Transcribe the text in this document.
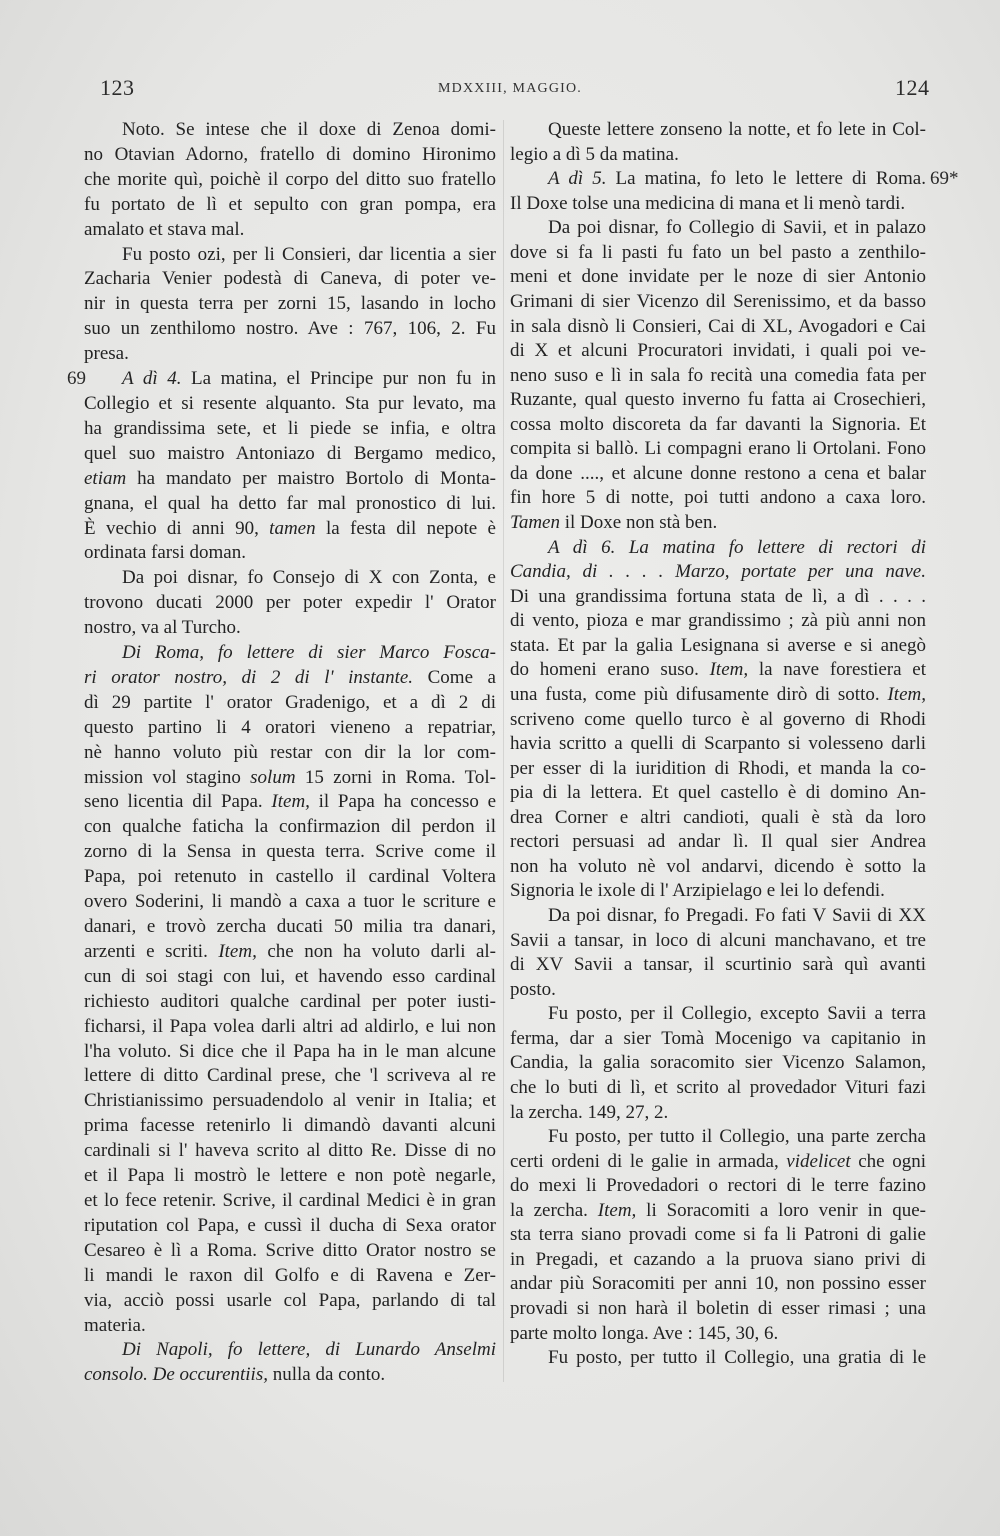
123	MDXXIII, MAGGIO.	124
Noto. Se intese che il doxe di Zenoa domi-
no Otavian Adorno, fratello di domino Hironimo
che morite quì, poichè il corpo del ditto suo fratello
fu portato de lì et sepulto con gran pompa, era
amalato et stava mal.
Fu posto ozi, per li Consieri, dar licentia a sier
Zacharia Venier podestà di Caneva, di poter ve-
nir in questa terra per zorni 15, lasando in locho
suo un zenthilomo nostro. Ave : 767, 106, 2. Fu
presa.
A dì 4. La matina, el Principe pur non fu in
69
Collegio et si resente alquanto. Sta pur levato, ma
ha grandissima sete, et li piede se infia, e oltra
quel suo maistro Antoniazo di Bergamo medico,
etiam ha mandato per maistro Bortolo di Monta-
gnana, el qual ha detto far mal pronostico di lui.
È vechio di anni 90, tamen la festa dil nepote è
ordinata farsi doman.
Da poi disnar, fo Consejo di X con Zonta, e
trovono ducati 2000 per poter expedir l' Orator
nostro, va al Turcho.
Di Roma, fo lettere di sier Marco Fosca-
ri orator nostro, di 2 di l' instante. Come a
dì 29 partite l' orator Gradenigo, et a dì 2 di
questo partino li 4 oratori vieneno a repatriar,
nè hanno voluto più restar con dir la lor com-
mission vol stagino solum 15 zorni in Roma. Tol-
seno licentia dil Papa. Item, il Papa ha concesso e
con qualche faticha la confirmazion dil perdon il
zorno di la Sensa in questa terra. Scrive come il
Papa, poi retenuto in castello il cardinal Voltera
overo Soderini, li mandò a caxa a tuor le scriture e
danari, e trovò zercha ducati 50 milia tra danari,
arzenti e scriti. Item, che non ha voluto darli al-
cun di soi stagi con lui, et havendo esso cardinal
richiesto auditori qualche cardinal per poter iusti-
ficharsi, il Papa volea darli altri ad aldirlo, e lui non
l'ha voluto. Si dice che il Papa ha in le man alcune
lettere di ditto Cardinal prese, che 'l scriveva al re
Christianissimo persuadendolo al venir in Italia; et
prima facesse retenirlo li dimandò davanti alcuni
cardinali si l' haveva scrito al ditto Re. Disse di no
et il Papa li mostrò le lettere e non potè negarle,
et lo fece retenir. Scrive, il cardinal Medici è in gran
riputation col Papa, e cussì il ducha di Sexa orator
Cesareo è lì a Roma. Scrive ditto Orator nostro se
li mandi le raxon dil Golfo e di Ravena e Zer-
via, acciò possi usarle col Papa, parlando di tal
materia.
Di Napoli, fo lettere, di Lunardo Anselmi
consolo. De occurentiis, nulla da conto.
Queste lettere zonseno la notte, et fo lete in Col-
legio a dì 5 da matina.
A dì 5. La matina, fo leto le lettere di Roma. 69*
Il Doxe tolse una medicina di mana et li menò tardi.
Da poi disnar, fo Collegio di Savii, et in palazo
dove si fa li pasti fu fato un bel pasto a zenthilo-
meni et done invidate per le noze di sier Antonio
Grimani di sier Vicenzo dil Serenissimo, et da basso
in sala disnò li Consieri, Cai di XL, Avogadori e Cai
di X et alcuni Procuratori invidati, i quali poi ve-
neno suso e lì in sala fo recità una comedia fata per
Ruzante, qual questo inverno fu fatta ai Crosechieri,
cossa molto discoreta da far davanti la Signoria. Et
compita si ballò. Li compagni erano li Ortolani. Fono
da done ...., et alcune donne restono a cena et balar
fin hore 5 di notte, poi tutti andono a caxa loro.
Tamen il Doxe non stà ben.
A dì 6. La matina fo lettere di rectori di
Candia, di . . . . Marzo, portate per una nave.
Di una grandissima fortuna stata de lì, a dì . . . .
di vento, pioza e mar grandissimo ; zà più anni non
stata. Et par la galia Lesignana si averse e si anegò
do homeni erano suso. Item, la nave forestiera et
una fusta, come più difusamente dirò di sotto. Item,
scriveno come quello turco è al governo di Rhodi
havia scritto a quelli di Scarpanto si volesseno darli
per esser di la iuridition di Rhodi, et manda la co-
pia di la lettera. Et quel castello è di domino An-
drea Corner e altri candioti, quali è stà da loro
rectori persuasi ad andar lì. Il qual sier Andrea
non ha voluto nè vol andarvi, dicendo è sotto la
Signoria le ixole di l' Arzipielago e lei lo defendi.
Da poi disnar, fo Pregadi. Fo fati V Savii di XX
Savii a tansar, in loco di alcuni manchavano, et tre
di XV Savii a tansar, il scurtinio sarà quì avanti
posto.
Fu posto, per il Collegio, excepto Savii a terra
ferma, dar a sier Tomà Mocenigo va capitanio in
Candia, la galia soracomito sier Vicenzo Salamon,
che lo buti di lì, et scrito al provedador Vituri fazi
la zercha. 149, 27, 2.
Fu posto, per tutto il Collegio, una parte zercha
certi ordeni di le galie in armada, videlicet che ogni
do mexi li Provedadori o rectori di le terre fazino
la zercha. Item, li Soracomiti a loro venir in que-
sta terra siano provadi come si fa li Patroni di galie
in Pregadi, et cazando a la pruova siano privi di
andar più Soracomiti per anni 10, non possino esser
provadi si non harà il boletin di esser rimasi ; una
parte molto longa. Ave : 145, 30, 6.
Fu posto, per tutto il Collegio, una gratia di le
